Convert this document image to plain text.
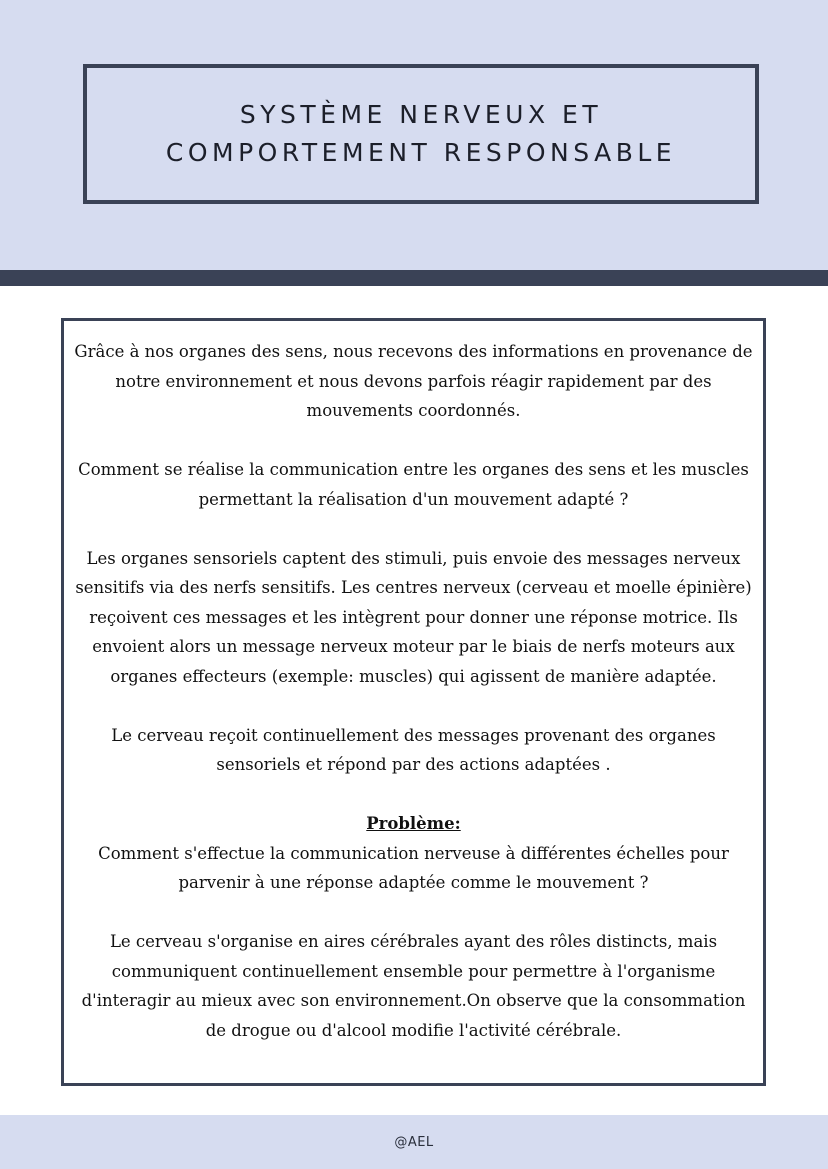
SYSTÈME NERVEUX ET
COMPORTEMENT RESPONSABLE

Grâce à nos organes des sens, nous recevons des informations en provenance de notre environnement et nous devons parfois réagir rapidement par des mouvements coordonnés.

Comment se réalise la communication entre les organes des sens et les muscles permettant la réalisation d'un mouvement adapté ?

Les organes sensoriels captent des stimuli, puis envoie des messages nerveux sensitifs via des nerfs sensitifs. Les centres nerveux (cerveau et moelle épinière) reçoivent ces messages et les intègrent pour donner une réponse motrice. Ils envoient alors un message nerveux moteur par le biais de nerfs moteurs aux organes effecteurs (exemple: muscles) qui agissent de manière adaptée.

Le cerveau reçoit continuellement des messages provenant des organes sensoriels et répond par des actions adaptées .

Problème:

Comment s'effectue la communication nerveuse à différentes échelles pour parvenir à une réponse adaptée comme le mouvement ?

Le cerveau s'organise en aires cérébrales ayant des rôles distincts, mais communiquent continuellement ensemble pour permettre à l'organisme d'interagir au mieux avec son environnement.On observe que la consommation de drogue ou d'alcool modifie l'activité cérébrale.

@AEL
